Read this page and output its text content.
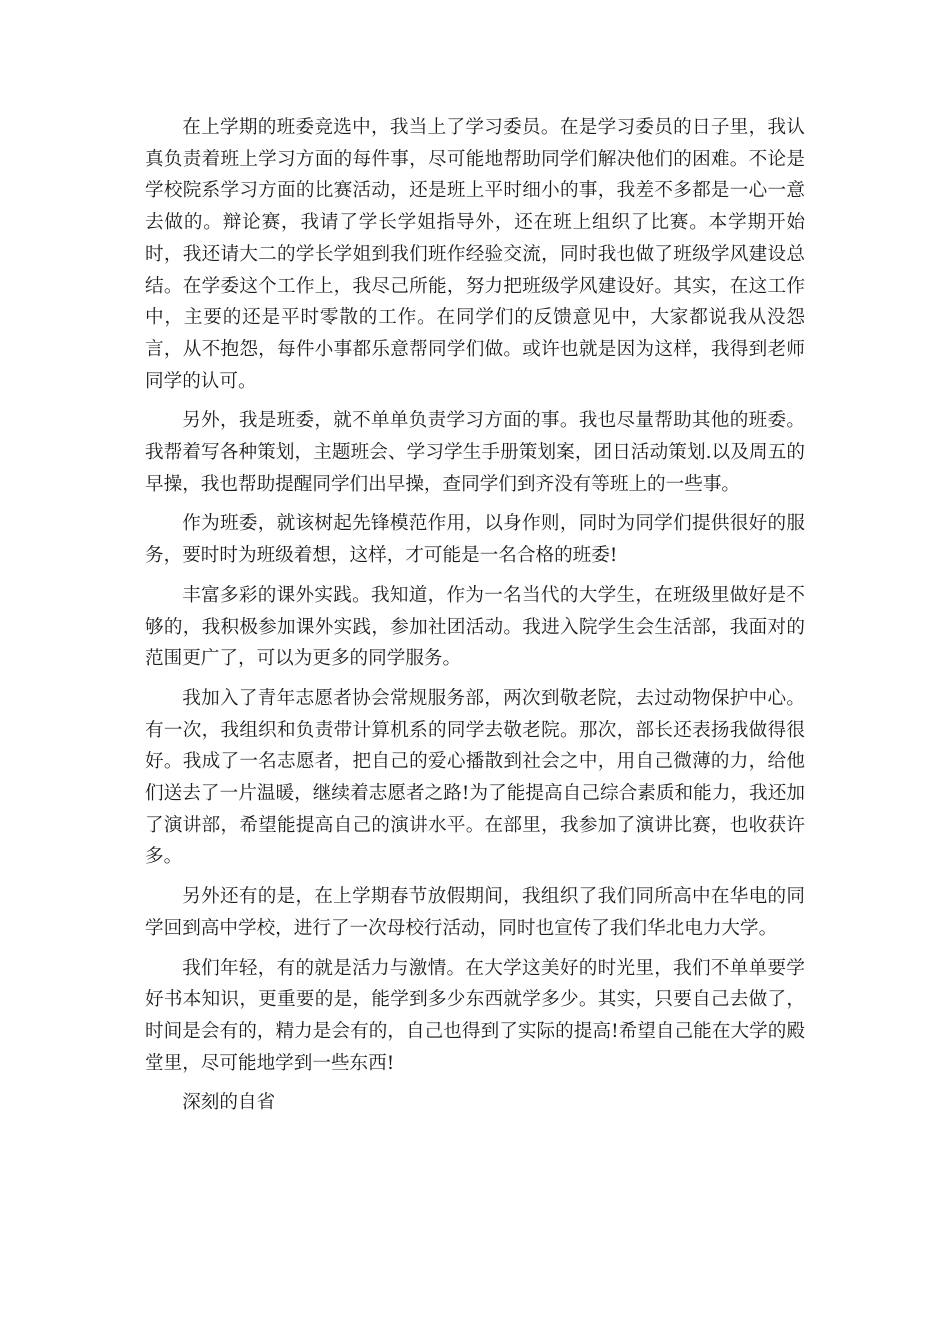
在上学期的班委竞选中，我当上了学习委员。在是学习委员的日子里，我认真负责着班上学习方面的每件事，尽可能地帮助同学们解决他们的困难。不论是学校院系学习方面的比赛活动，还是班上平时细小的事，我差不多都是一心一意去做的。辩论赛，我请了学长学姐指导外，还在班上组织了比赛。本学期开始时，我还请大二的学长学姐到我们班作经验交流，同时我也做了班级学风建设总结。在学委这个工作上，我尽己所能，努力把班级学风建设好。其实，在这工作中，主要的还是平时零散的工作。在同学们的反馈意见中，大家都说我从没怨言，从不抱怨，每件小事都乐意帮同学们做。或许也就是因为这样，我得到老师同学的认可。

另外，我是班委，就不单单负责学习方面的事。我也尽量帮助其他的班委。我帮着写各种策划，主题班会、学习学生手册策划案，团日活动策划.以及周五的早操，我也帮助提醒同学们出早操，查同学们到齐没有等班上的一些事。

作为班委，就该树起先锋模范作用，以身作则，同时为同学们提供很好的服务，要时时为班级着想，这样，才可能是一名合格的班委!

丰富多彩的课外实践。我知道，作为一名当代的大学生，在班级里做好是不够的，我积极参加课外实践，参加社团活动。我进入院学生会生活部，我面对的范围更广了，可以为更多的同学服务。

我加入了青年志愿者协会常规服务部，两次到敬老院，去过动物保护中心。有一次，我组织和负责带计算机系的同学去敬老院。那次，部长还表扬我做得很好。我成了一名志愿者，把自己的爱心播散到社会之中，用自己微薄的力，给他们送去了一片温暖，继续着志愿者之路!为了能提高自己综合素质和能力，我还加了演讲部，希望能提高自己的演讲水平。在部里，我参加了演讲比赛，也收获许多。

另外还有的是，在上学期春节放假期间，我组织了我们同所高中在华电的同学回到高中学校，进行了一次母校行活动，同时也宣传了我们华北电力大学。

我们年轻，有的就是活力与激情。在大学这美好的时光里，我们不单单要学好书本知识，更重要的是，能学到多少东西就学多少。其实，只要自己去做了，时间是会有的，精力是会有的，自己也得到了实际的提高!希望自己能在大学的殿堂里，尽可能地学到一些东西!

深刻的自省
